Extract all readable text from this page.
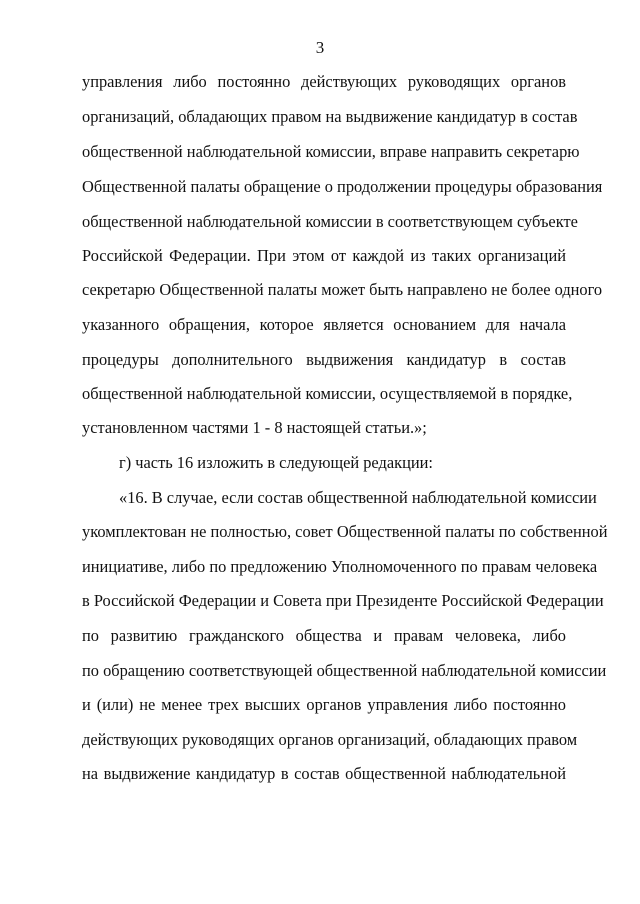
3
управления либо постоянно действующих руководящих органов
организаций, обладающих правом на выдвижение кандидатур в состав
общественной наблюдательной комиссии, вправе направить секретарю
Общественной палаты обращение о продолжении процедуры образования
общественной наблюдательной комиссии в соответствующем субъекте
Российской Федерации. При этом от каждой из таких организаций
секретарю Общественной палаты может быть направлено не более одного
указанного обращения, которое является основанием для начала
процедуры дополнительного выдвижения кандидатур в состав
общественной наблюдательной комиссии, осуществляемой в порядке,
установленном частями 1 - 8 настоящей статьи.»;
г) часть 16 изложить в следующей редакции:
«16. В случае, если состав общественной наблюдательной комиссии
укомплектован не полностью, совет Общественной палаты по собственной
инициативе, либо по предложению Уполномоченного по правам человека
в Российской Федерации и Совета при Президенте Российской Федерации
по развитию гражданского общества и правам человека, либо
по обращению соответствующей общественной наблюдательной комиссии
и (или) не менее трех высших органов управления либо постоянно
действующих руководящих органов организаций, обладающих правом
на выдвижение кандидатур в состав общественной наблюдательной
